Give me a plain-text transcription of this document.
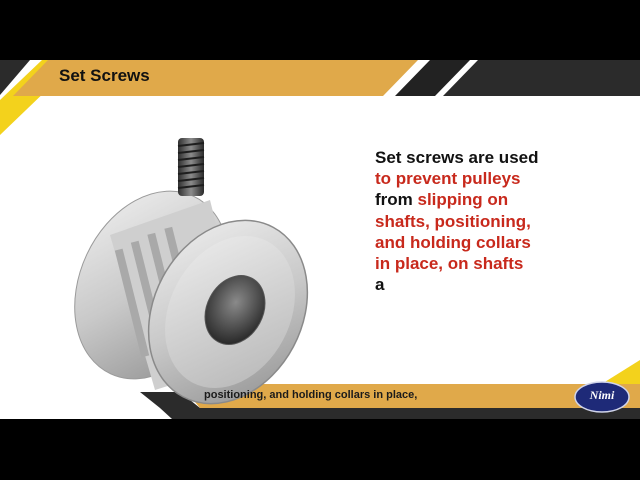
Set Screws
Set screws are used
to prevent pulleys
from slipping on
shafts, positioning,
and holding collars
in place, on shafts
a
positioning, and holding collars in place,	Nimi
